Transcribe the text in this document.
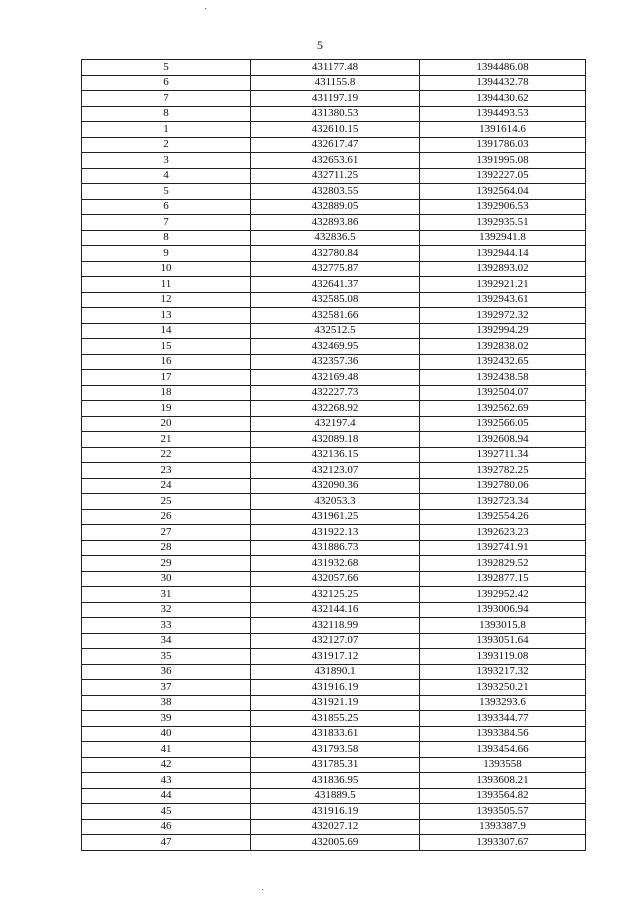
5
5	431177.48	1394486.08
6	431155.8	1394432.78
7	431197.19	1394430.62
8	431380.53	1394493.53
1	432610.15	1391614.6
2	432617.47	1391786.03
3	432653.61	1391995.08
4	432711.25	1392227.05
5	432803.55	1392564.04
6	432889.05	1392906.53
7	432893.86	1392935.51
8	432836.5	1392941.8
9	432780.84	1392944.14
10	432775.87	1392893.02
11	432641.37	1392921.21
12	432585.08	1392943.61
13	432581.66	1392972.32
14	432512.5	1392994.29
15	432469.95	1392838.02
16	432357.36	1392432.65
17	432169.48	1392438.58
18	432227.73	1392504.07
19	432268.92	1392562.69
20	432197.4	1392566.05
21	432089.18	1392608.94
22	432136.15	1392711.34
23	432123.07	1392782.25
24	432090.36	1392780.06
25	432053.3	1392723.34
26	431961.25	1392554.26
27	431922.13	1392623.23
28	431886.73	1392741.91
29	431932.68	1392829.52
30	432057.66	1392877.15
31	432125.25	1392952.42
32	432144.16	1393006.94
33	432118.99	1393015.8
34	432127.07	1393051.64
35	431917.12	1393119.08
36	431890.1	1393217.32
37	431916.19	1393250.21
38	431921.19	1393293.6
39	431855.25	1393344.77
40	431833.61	1393384.56
41	431793.58	1393454.66
42	431785.31	1393558
43	431836.95	1393608.21
44	431889.5	1393564.82
45	431916.19	1393505.57
46	432027.12	1393387.9
47	432005.69	1393307.67
